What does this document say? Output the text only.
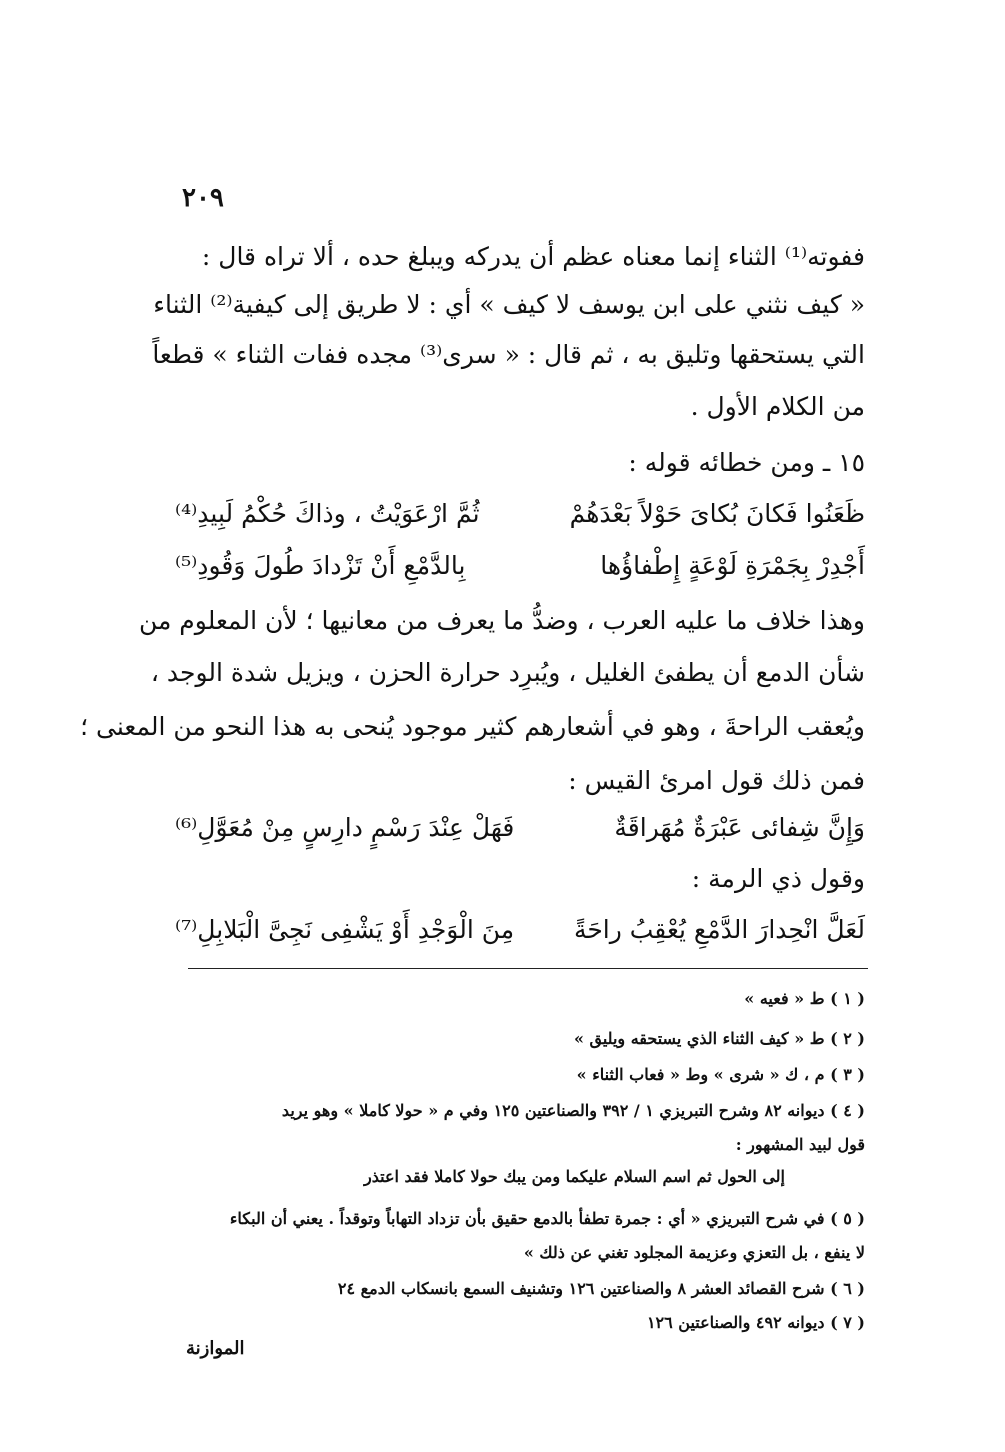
٢٠٩
ففوته⁽¹⁾ الثناء إنما معناه عظم أن يدركه ويبلغ حده ، ألا تراه قال :
« كيف نثني على ابن يوسف لا كيف » أي : لا طريق إلى كيفية⁽²⁾ الثناء
التي يستحقها وتليق به ، ثم قال : « سرى⁽³⁾ مجده ففات الثناء » قطعاً
من الكلام الأول .
١٥ ـ ومن خطائه قوله :
ظَعَنُوا فَكانَ بُكاىَ حَوْلاً بَعْدَهُمْ
ثُمَّ ارْعَوَيْتُ ، وذاكَ حُكْمُ لَبِيدِ⁽⁴⁾
أَجْدِرْ بِجَمْرَةِ لَوْعَةٍ إِطْفاؤُها
بِالدَّمْعِ أَنْ تَزْدادَ طُولَ وَقُودِ⁽⁵⁾
وهذا خلاف ما عليه العرب ، وضدُّ ما يعرف من معانيها ؛ لأن المعلوم من
شأن الدمع أن يطفئ الغليل ، ويُبرِد حرارة الحزن ، ويزيل شدة الوجد ،
ويُعقب الراحةَ ، وهو في أشعارهم كثير موجود يُنحى به هذا النحو من المعنى ؛
فمن ذلك قول امرئ القيس :
وَإِنَّ شِفائى عَبْرَةٌ مُهَراقَةٌ
فَهَلْ عِنْدَ رَسْمٍ دارِسٍ مِنْ مُعَوَّلِ⁽⁶⁾
وقول ذي الرمة :
لَعَلَّ انْحِدارَ الدَّمْعِ يُعْقِبُ راحَةً
مِنَ الْوَجْدِ أَوْ يَشْفِى نَجِىَّ الْبَلابِلِ⁽⁷⁾
( ١ ) ط « فعيه »
( ٢ ) ط « كيف الثناء الذي يستحقه ويليق »
( ٣ ) م ، ك « شرى » وط « فعاب الثناء »
( ٤ ) ديوانه ٨٢ وشرح التبريزي ١ / ٣٩٢ والصناعتين ١٢٥ وفي م « حولا كاملا » وهو يريد
قول لبيد المشهور :
إلى الحول ثم اسم السلام عليكما ومن يبك حولا كاملا فقد اعتذر
( ٥ ) في شرح التبريزي « أي : جمرة تطفأ بالدمع حقيق بأن تزداد التهاباً وتوقداً . يعني أن البكاء
لا ينفع ، بل التعزي وعزيمة المجلود تغني عن ذلك »
( ٦ ) شرح القصائد العشر ٨ والصناعتين ١٢٦ وتشنيف السمع بانسكاب الدمع ٢٤
( ٧ ) ديوانه ٤٩٢ والصناعتين ١٢٦
الموازنة
